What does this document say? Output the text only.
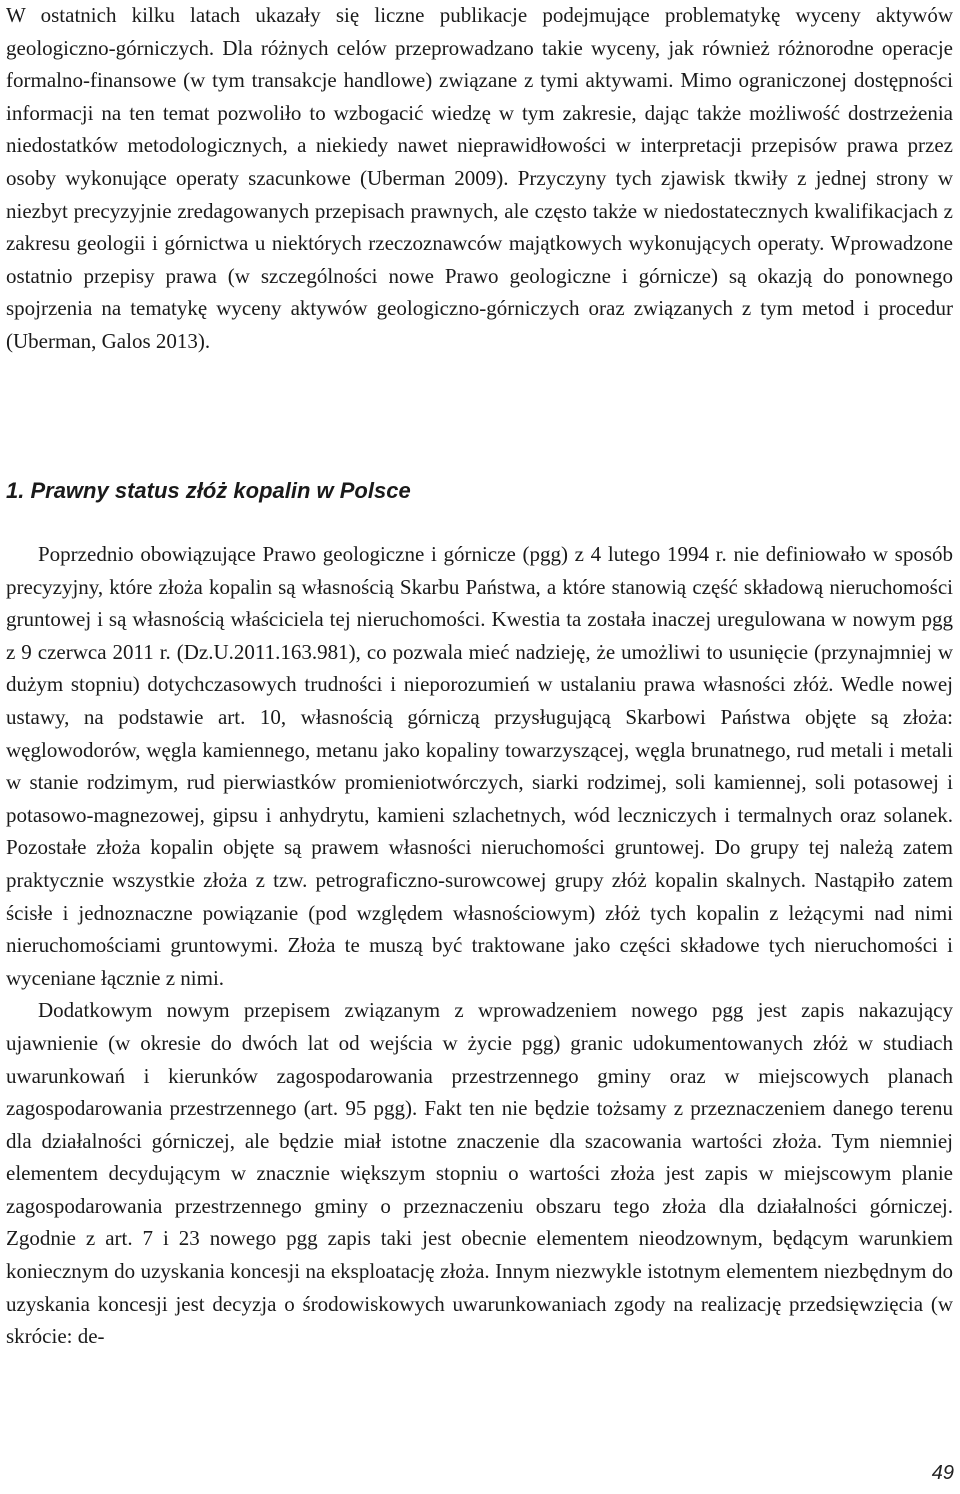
W ostatnich kilku latach ukazały się liczne publikacje podejmujące problematykę wyceny aktywów geologiczno-górniczych. Dla różnych celów przeprowadzano takie wyceny, jak również różnorodne operacje formalno-finansowe (w tym transakcje handlowe) związane z tymi aktywami. Mimo ograniczonej dostępności informacji na ten temat pozwoliło to wzbogacić wiedzę w tym zakresie, dając także możliwość dostrzeżenia niedostatków metodologicznych, a niekiedy nawet nieprawidłowości w interpretacji przepisów prawa przez osoby wykonujące operaty szacunkowe (Uberman 2009). Przyczyny tych zjawisk tkwiły z jednej strony w niezbyt precyzyjnie zredagowanych przepisach prawnych, ale często także w niedostatecznych kwalifikacjach z zakresu geologii i górnictwa u niektórych rzeczoznawców majątkowych wykonujących operaty. Wprowadzone ostatnio przepisy prawa (w szczególności nowe Prawo geologiczne i górnicze) są okazją do ponownego spojrzenia na tematykę wyceny aktywów geologiczno-górniczych oraz związanych z tym metod i procedur (Uberman, Galos 2013).

1. Prawny status złóż kopalin w Polsce

Poprzednio obowiązujące Prawo geologiczne i górnicze (pgg) z 4 lutego 1994 r. nie definiowało w sposób precyzyjny, które złoża kopalin są własnością Skarbu Państwa, a które stanowią część składową nieruchomości gruntowej i są własnością właściciela tej nieruchomości. Kwestia ta została inaczej uregulowana w nowym pgg z 9 czerwca 2011 r. (Dz.U.2011.163.981), co pozwala mieć nadzieję, że umożliwi to usunięcie (przynajmniej w dużym stopniu) dotychczasowych trudności i nieporozumień w ustalaniu prawa własności złóż. Wedle nowej ustawy, na podstawie art. 10, własnością górniczą przysługującą Skarbowi Państwa objęte są złoża: węglowodorów, węgla kamiennego, metanu jako kopaliny towarzyszącej, węgla brunatnego, rud metali i metali w stanie rodzimym, rud pierwiastków promieniotwórczych, siarki rodzimej, soli kamiennej, soli potasowej i potasowo-magnezowej, gipsu i anhydrytu, kamieni szlachetnych, wód leczniczych i termalnych oraz solanek. Pozostałe złoża kopalin objęte są prawem własności nieruchomości gruntowej. Do grupy tej należą zatem praktycznie wszystkie złoża z tzw. petrograficzno-surowcowej grupy złóż kopalin skalnych. Nastąpiło zatem ścisłe i jednoznaczne powiązanie (pod względem własnościowym) złóż tych kopalin z leżącymi nad nimi nieruchomościami gruntowymi. Złoża te muszą być traktowane jako części składowe tych nieruchomości i wyceniane łącznie z nimi.

Dodatkowym nowym przepisem związanym z wprowadzeniem nowego pgg jest zapis nakazujący ujawnienie (w okresie do dwóch lat od wejścia w życie pgg) granic udokumentowanych złóż w studiach uwarunkowań i kierunków zagospodarowania przestrzennego gminy oraz w miejscowych planach zagospodarowania przestrzennego (art. 95 pgg). Fakt ten nie będzie tożsamy z przeznaczeniem danego terenu dla działalności górniczej, ale będzie miał istotne znaczenie dla szacowania wartości złoża. Tym niemniej elementem decydującym w znacznie większym stopniu o wartości złoża jest zapis w miejscowym planie zagospodarowania przestrzennego gminy o przeznaczeniu obszaru tego złoża dla działalności górniczej. Zgodnie z art. 7 i 23 nowego pgg zapis taki jest obecnie elementem nieodzownym, będącym warunkiem koniecznym do uzyskania koncesji na eksploatację złoża. Innym niezwykle istotnym elementem niezbędnym do uzyskania koncesji jest decyzja o środowiskowych uwarunkowaniach zgody na realizację przedsięwzięcia (w skrócie: de-

49
